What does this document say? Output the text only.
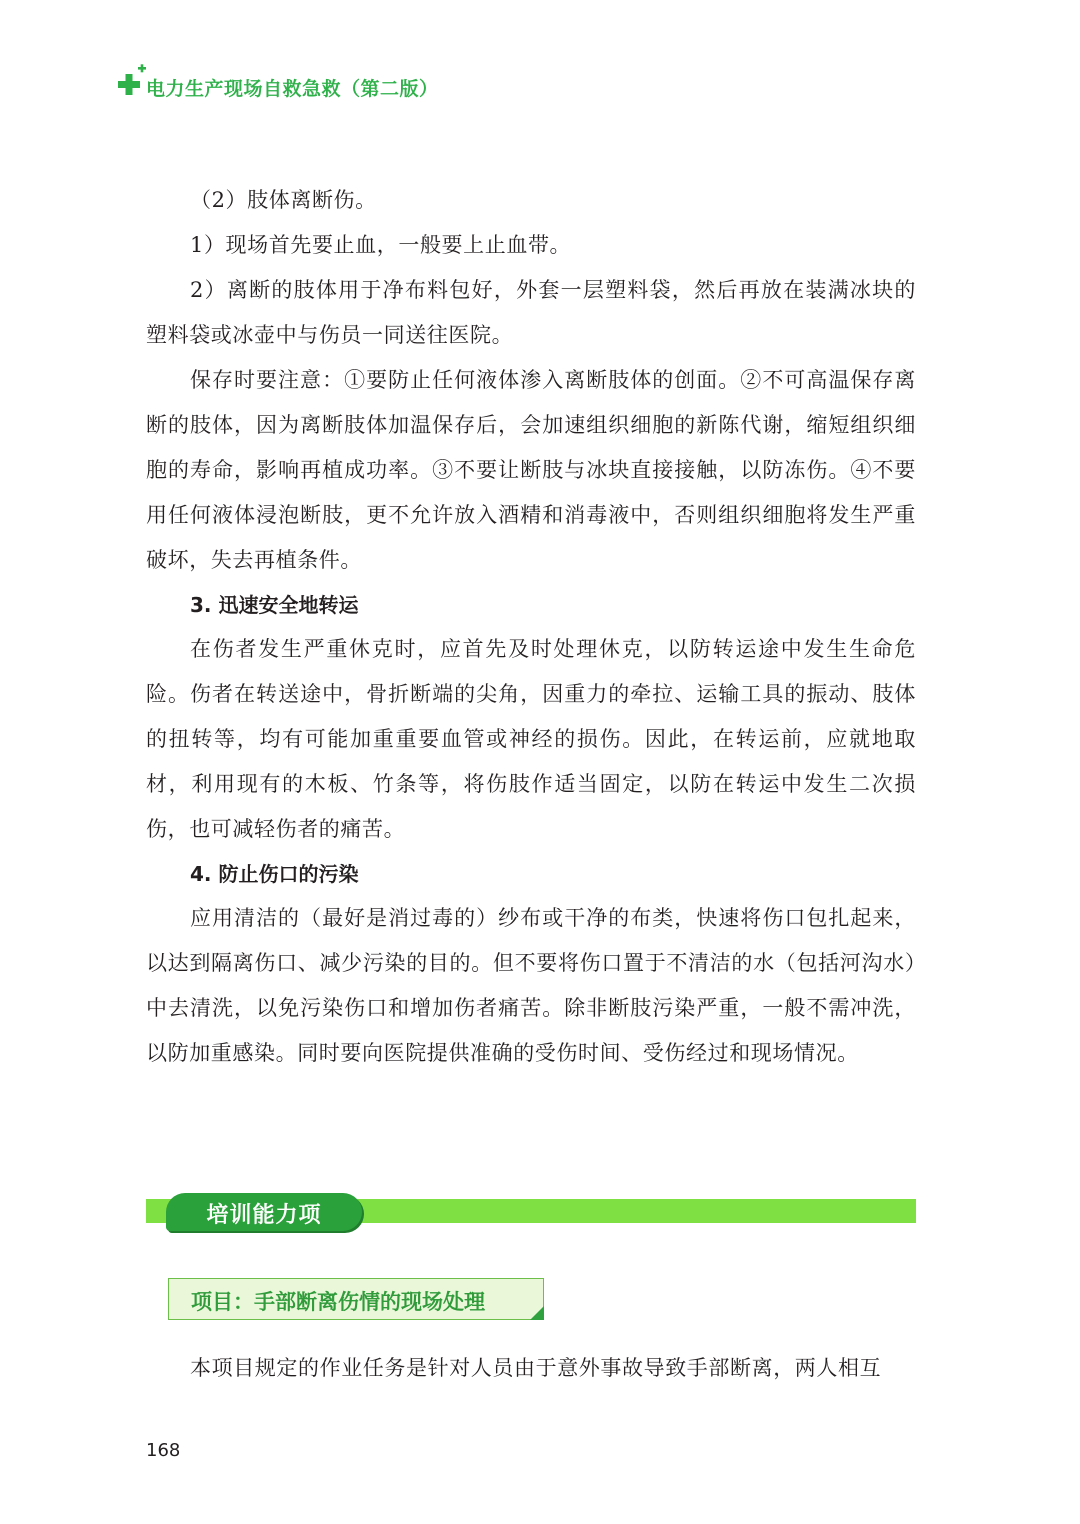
电力生产现场自救急救（第二版）

（2）肢体离断伤。

1）现场首先要止血，一般要上止血带。

2）离断的肢体用于净布料包好，外套一层塑料袋，然后再放在装满冰块的塑料袋或冰壶中与伤员一同送往医院。

保存时要注意：①要防止任何液体渗入离断肢体的创面。②不可高温保存离断的肢体，因为离断肢体加温保存后，会加速组织细胞的新陈代谢，缩短组织细胞的寿命，影响再植成功率。③不要让断肢与冰块直接接触，以防冻伤。④不要用任何液体浸泡断肢，更不允许放入酒精和消毒液中，否则组织细胞将发生严重破坏，失去再植条件。

3. 迅速安全地转运

在伤者发生严重休克时，应首先及时处理休克，以防转运途中发生生命危险。伤者在转送途中，骨折断端的尖角，因重力的牵拉、运输工具的振动、肢体的扭转等，均有可能加重重要血管或神经的损伤。因此，在转运前，应就地取材，利用现有的木板、竹条等，将伤肢作适当固定，以防在转运中发生二次损伤，也可减轻伤者的痛苦。

4. 防止伤口的污染

应用清洁的（最好是消过毒的）纱布或干净的布类，快速将伤口包扎起来，以达到隔离伤口、减少污染的目的。但不要将伤口置于不清洁的水（包括河沟水）中去清洗，以免污染伤口和增加伤者痛苦。除非断肢污染严重，一般不需冲洗，以防加重感染。同时要向医院提供准确的受伤时间、受伤经过和现场情况。

培训能力项
项目：手部断离伤情的现场处理

本项目规定的作业任务是针对人员由于意外事故导致手部断离，两人相互

168
